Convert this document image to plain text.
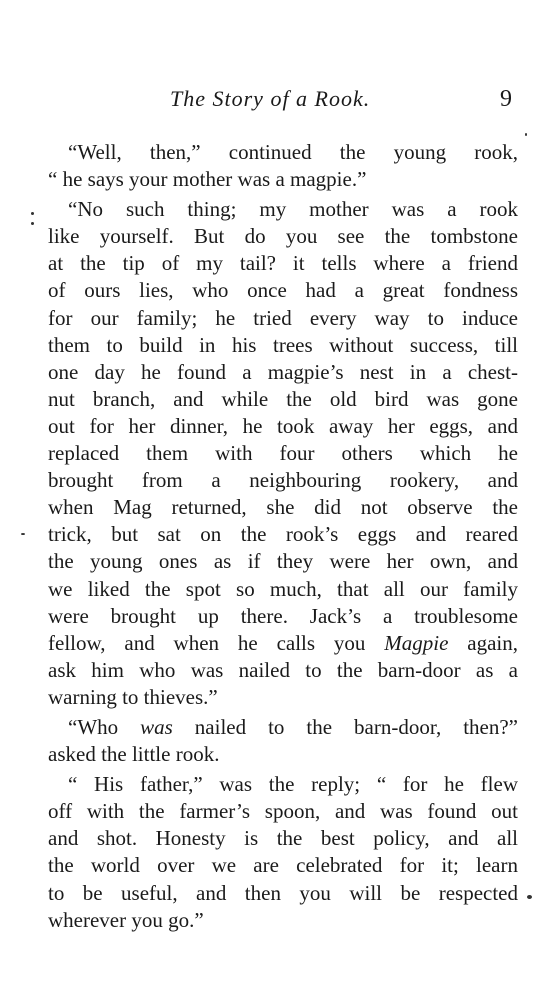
The Story of a Rook.	9
“Well, then,” continued the young rook,
“ he says your mother was a magpie.”
“No such thing; my mother was a rook
like yourself. But do you see the tombstone
at the tip of my tail? it tells where a friend
of ours lies, who once had a great fondness
for our family; he tried every way to induce
them to build in his trees without success, till
one day he found a magpie’s nest in a chest-
nut branch, and while the old bird was gone
out for her dinner, he took away her eggs, and
replaced them with four others which he
brought from a neighbouring rookery, and
when Mag returned, she did not observe the
trick, but sat on the rook’s eggs and reared
the young ones as if they were her own, and
we liked the spot so much, that all our family
were brought up there. Jack’s a troublesome
fellow, and when he calls you Magpie again,
ask him who was nailed to the barn-door as a
warning to thieves.”
“Who was nailed to the barn-door, then?”
asked the little rook.
“ His father,” was the reply; “ for he flew
off with the farmer’s spoon, and was found out
and shot. Honesty is the best policy, and all
the world over we are celebrated for it; learn
to be useful, and then you will be respected
wherever you go.”
